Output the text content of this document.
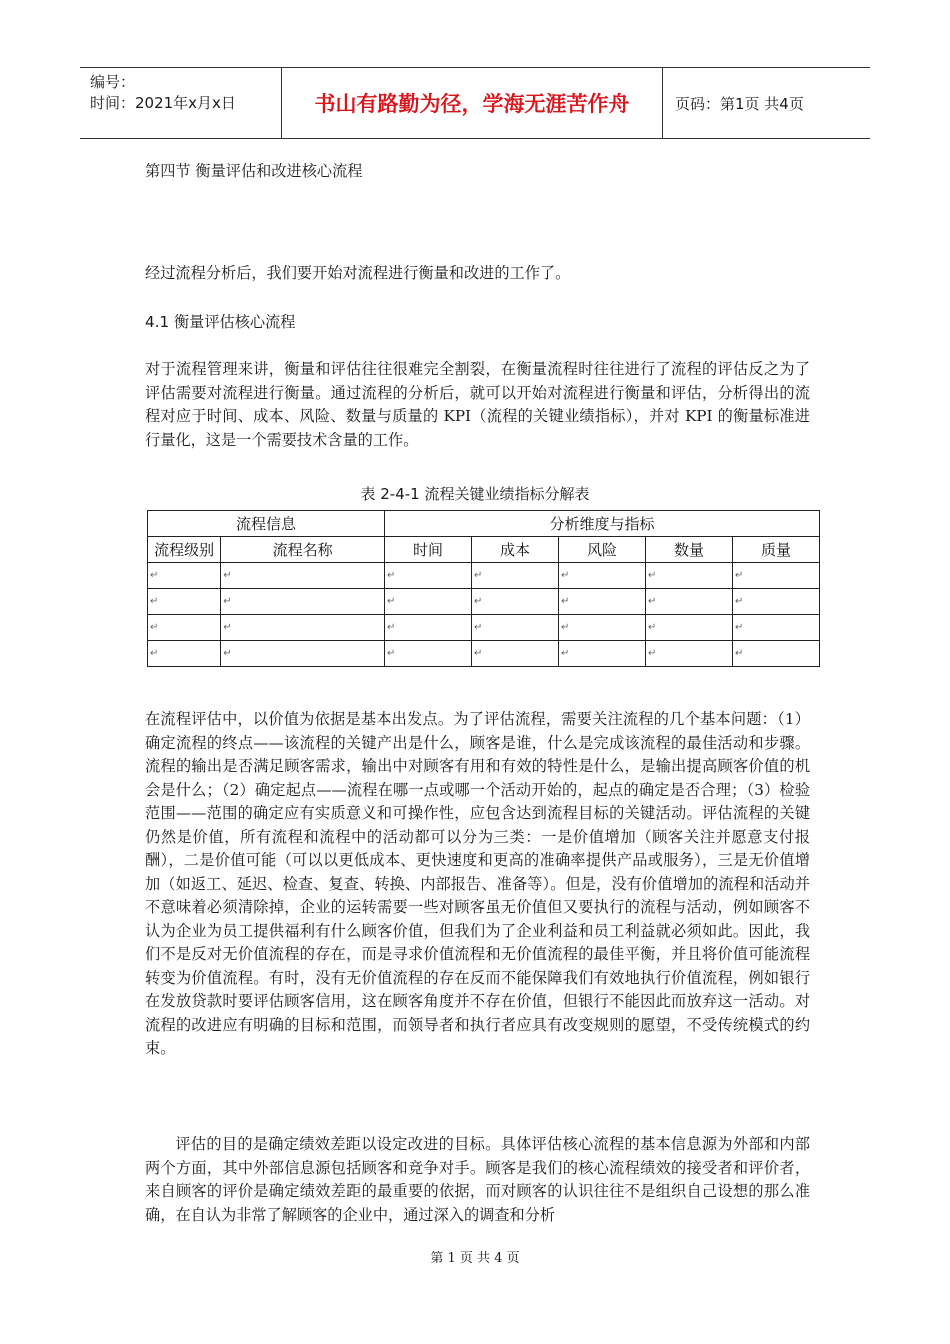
编号：
时间：2021年x月x日	书山有路勤为径，学海无涯苦作舟	页码：第1页 共4页
第四节 衡量评估和改进核心流程
经过流程分析后，我们要开始对流程进行衡量和改进的工作了。
4.1 衡量评估核心流程
对于流程管理来讲，衡量和评估往往很难完全割裂，在衡量流程时往往进行了流程的评估反之为了评估需要对流程进行衡量。通过流程的分析后，就可以开始对流程进行衡量和评估，分析得出的流程对应于时间、成本、风险、数量与质量的 KPI（流程的关键业绩指标），并对 KPI 的衡量标准进行量化，这是一个需要技术含量的工作。
表 2-4-1 流程关键业绩指标分解表
流程信息		分析维度与指标				
流程级别	流程名称	时间	成本	风险	数量	质量
↵	↵	↵	↵	↵	↵	↵
↵	↵	↵	↵	↵	↵	↵
↵	↵	↵	↵	↵	↵	↵
↵	↵	↵	↵	↵	↵	↵
在流程评估中，以价值为依据是基本出发点。为了评估流程，需要关注流程的几个基本问题：（1）确定流程的终点——该流程的关键产出是什么，顾客是谁，什么是完成该流程的最佳活动和步骤。流程的输出是否满足顾客需求，输出中对顾客有用和有效的特性是什么，是输出提高顾客价值的机会是什么；（2）确定起点——流程在哪一点或哪一个活动开始的，起点的确定是否合理；（3）检验范围——范围的确定应有实质意义和可操作性，应包含达到流程目标的关键活动。评估流程的关键仍然是价值，所有流程和流程中的活动都可以分为三类：一是价值增加（顾客关注并愿意支付报酬），二是价值可能（可以以更低成本、更快速度和更高的准确率提供产品或服务），三是无价值增加（如返工、延迟、检查、复查、转换、内部报告、准备等）。但是，没有价值增加的流程和活动并不意味着必须清除掉，企业的运转需要一些对顾客虽无价值但又要执行的流程与活动，例如顾客不认为企业为员工提供福利有什么顾客价值，但我们为了企业利益和员工利益就必须如此。因此，我们不是反对无价值流程的存在，而是寻求价值流程和无价值流程的最佳平衡，并且将价值可能流程转变为价值流程。有时，没有无价值流程的存在反而不能保障我们有效地执行价值流程，例如银行在发放贷款时要评估顾客信用，这在顾客角度并不存在价值，但银行不能因此而放弃这一活动。对流程的改进应有明确的目标和范围，而领导者和执行者应具有改变规则的愿望，不受传统模式的约束。
评估的目的是确定绩效差距以设定改进的目标。具体评估核心流程的基本信息源为外部和内部两个方面，其中外部信息源包括顾客和竞争对手。顾客是我们的核心流程绩效的接受者和评价者，来自顾客的评价是确定绩效差距的最重要的依据，而对顾客的认识往往不是组织自己设想的那么准确，在自认为非常了解顾客的企业中，通过深入的调查和分析
第 1 页 共 4 页
